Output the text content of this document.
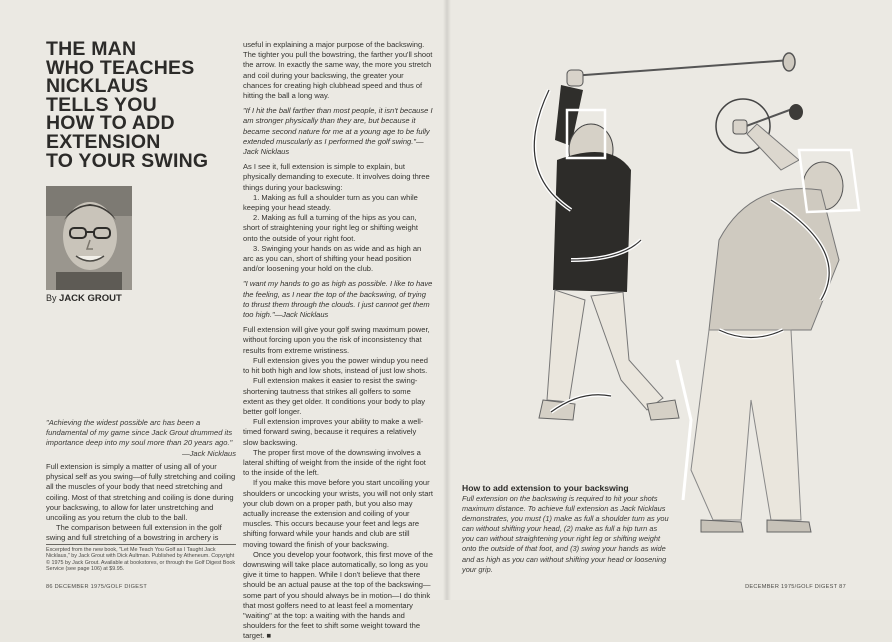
THE MAN
WHO TEACHES
NICKLAUS
TELLS YOU
HOW TO ADD
EXTENSION
TO YOUR SWING
By JACK GROUT
"Achieving the widest possible arc has been a fundamental of my game since Jack Grout drummed its importance deep into my soul more than 20 years ago."
—Jack Nicklaus

Full extension is simply a matter of using all of your physical self as you swing—of fully stretching and coiling all the muscles of your body that need stretching and coiling. Most of that stretching and coiling is done during your backswing, to allow for later unstretching and uncoiling as you return the club to the ball.

The comparison between full extension in the golf swing and full stretching of a bowstring in archery is

Excerpted from the new book, "Let Me Teach You Golf as I Taught Jack Nicklaus," by Jack Grout with Dick Aultman. Published by Atheneum. Copyright © 1975 by Jack Grout. Available at bookstores, or through the Golf Digest Book Service (see page 106) at $9.95.

useful in explaining a major purpose of the backswing. The tighter you pull the bowstring, the farther you'll shoot the arrow. In exactly the same way, the more you stretch and coil during your backswing, the greater your chances for creating high clubhead speed and thus of hitting the ball a long way.

"If I hit the ball farther than most people, it isn't because I am stronger physically than they are, but because it became second nature for me at a young age to be fully extended muscularly as I performed the golf swing."—Jack Nicklaus

As I see it, full extension is simple to explain, but physically demanding to execute. It involves doing three things during your backswing:

1. Making as full a shoulder turn as you can while keeping your head steady.

2. Making as full a turning of the hips as you can, short of straightening your right leg or shifting weight onto the outside of your right foot.

3. Swinging your hands on as wide and as high an arc as you can, short of shifting your head position and/or loosening your hold on the club.

"I want my hands to go as high as possible. I like to have the feeling, as I near the top of the backswing, of trying to thrust them through the clouds. I just cannot get them too high."—Jack Nicklaus

Full extension will give your golf swing maximum power, without forcing upon you the risk of inconsistency that results from extreme wristiness.

Full extension gives you the power windup you need to hit both high and low shots, instead of just low shots.

Full extension makes it easier to resist the swing-shortening tautness that strikes all golfers to some extent as they get older. It conditions your body to play better golf longer.

Full extension improves your ability to make a well-timed forward swing, because it requires a relatively slow backswing.

The proper first move of the downswing involves a lateral shifting of weight from the inside of the right foot to the inside of the left.

If you make this move before you start uncoiling your shoulders or uncocking your wrists, you will not only start your club down on a proper path, but you also may actually increase the extension and coiling of your muscles. This occurs because your feet and legs are shifting forward while your hands and club are still moving toward the finish of your backswing.

Once you develop your footwork, this first move of the downswing will take place automatically, so long as you give it time to happen. While I don't believe that there should be an actual pause at the top of the backswing—some part of you should always be in motion—I do think that most golfers need to at least feel a momentary "waiting" at the top: a waiting with the hands and shoulders for the feet to shift some weight toward the target. ■

How to add extension to your backswing
Full extension on the backswing is required to hit your shots maximum distance. To achieve full extension as Jack Nicklaus demonstrates, you must (1) make as full a shoulder turn as you can without shifting your head, (2) make as full a hip turn as you can without straightening your right leg or shifting weight onto the outside of that foot, and (3) swing your hands as wide and as high as you can without shifting your head or loosening your grip.
86 DECEMBER 1975/GOLF DIGEST	DECEMBER 1975/GOLF DIGEST 87
